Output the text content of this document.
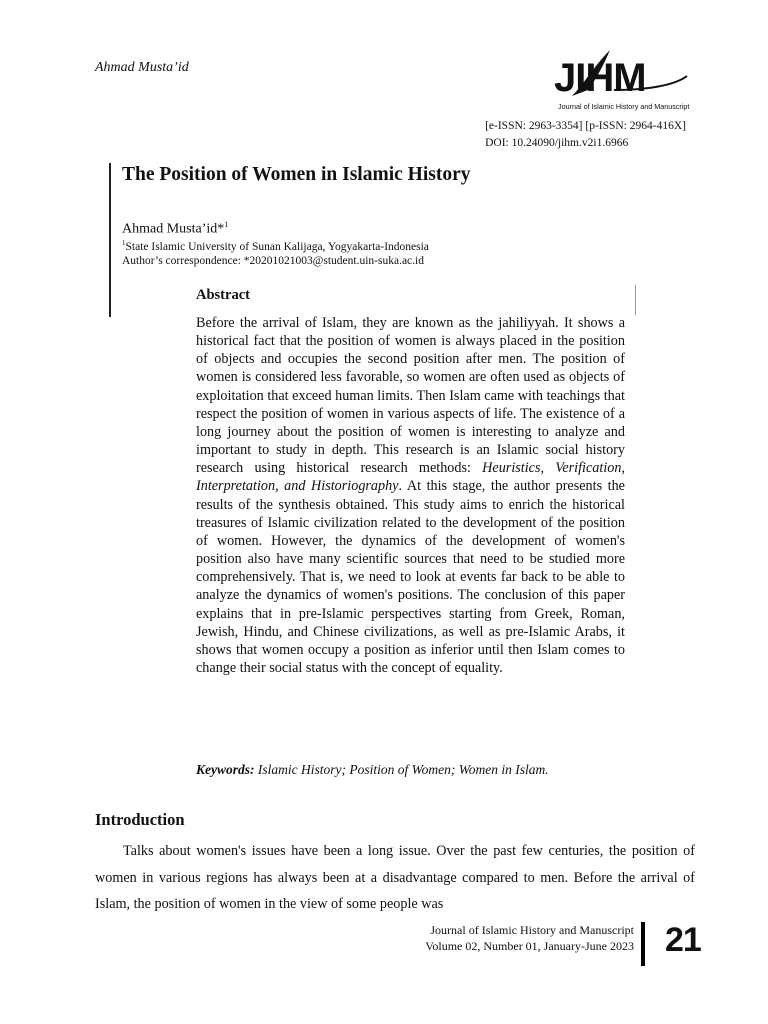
Ahmad Musta’id	JIHM
Journal of Islamic History and Manuscript
[e-ISSN: 2963-3354] [p-ISSN: 2964-416X]
DOI: 10.24090/jihm.v2i1.6966
The Position of Women in Islamic History
Ahmad Musta’id*$^1$
$^1$State Islamic University of Sunan Kalijaga, Yogyakarta-Indonesia
Author’s correspondence: *20201021003@student.uin-suka.ac.id
Abstract
Before the arrival of Islam, they are known as the jahiliyyah. It shows a historical fact that the position of women is always placed in the position of objects and occupies the second position after men. The position of women is considered less favorable, so women are often used as objects of exploitation that exceed human limits. Then Islam came with teachings that respect the position of women in various aspects of life. The existence of a long journey about the position of women is interesting to analyze and important to study in depth. This research is an Islamic social history research using historical research methods: Heuristics, Verification, Interpretation, and Historiography. At this stage, the author presents the results of the synthesis obtained. This study aims to enrich the historical treasures of Islamic civilization related to the development of the position of women. However, the dynamics of the development of women's position also have many scientific sources that need to be studied more comprehensively. That is, we need to look at events far back to be able to analyze the dynamics of women's positions. The conclusion of this paper explains that in pre-Islamic perspectives starting from Greek, Roman, Jewish, Hindu, and Chinese civilizations, as well as pre-Islamic Arabs, it shows that women occupy a position as inferior until then Islam comes to change their social status with the concept of equality.
Keywords: Islamic History; Position of Women; Women in Islam.
Introduction
Talks about women's issues have been a long issue. Over the past few centuries, the position of women in various regions has always been at a disadvantage compared to men. Before the arrival of Islam, the position of women in the view of some people was
Journal of Islamic History and Manuscript
Volume 02, Number 01, January-June 2023 21
